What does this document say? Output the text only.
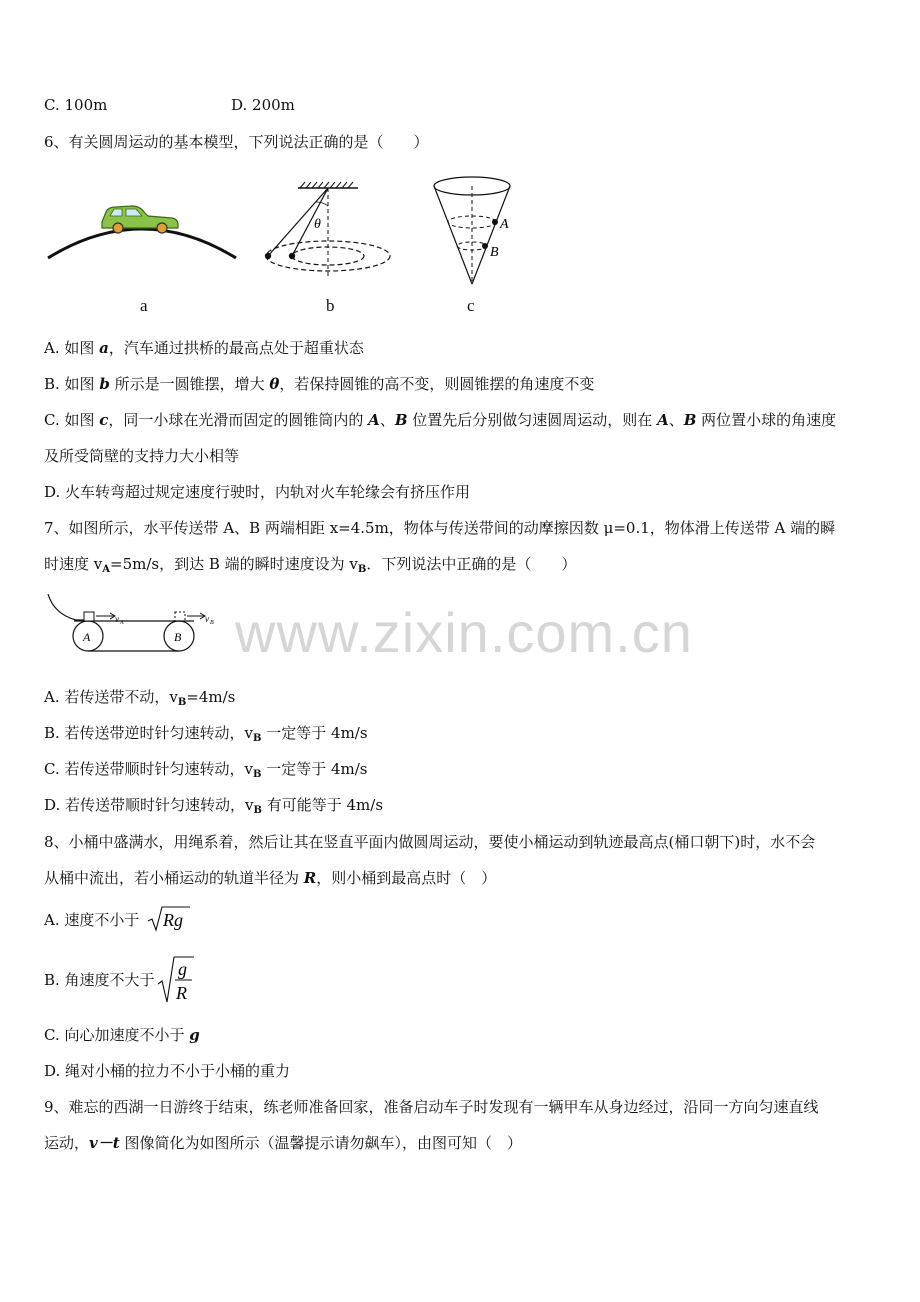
C. 100m	D. 200m
6、有关圆周运动的基本模型，下列说法正确的是（　　）
a
θ
b
A
B
c
A. 如图 a，汽车通过拱桥的最高点处于超重状态
B. 如图 b 所示是一圆锥摆，增大 θ，若保持圆锥的高不变，则圆锥摆的角速度不变
C. 如图 c，同一小球在光滑而固定的圆锥筒内的 A、B 位置先后分别做匀速圆周运动，则在 A、B 两位置小球的角速度
及所受筒壁的支持力大小相等
D. 火车转弯超过规定速度行驶时，内轨对火车轮缘会有挤压作用
7、如图所示，水平传送带 A、B 两端相距 x=4.5m，物体与传送带间的动摩擦因数 μ=0.1，物体滑上传送带 A 端的瞬
时速度 $v_A=5m/s$，到达 B 端的瞬时速度设为 $v_B$．下列说法中正确的是（　　）
v A	v B
A	B www.zixin.com.cn
A. 若传送带不动，$v_B=4m/s$
B. 若传送带逆时针匀速转动，$v_B$ 一定等于 4m/s
C. 若传送带顺时针匀速转动，$v_B$ 一定等于 4m/s
D. 若传送带顺时针匀速转动，$v_B$ 有可能等于 4m/s
8、小桶中盛满水，用绳系着，然后让其在竖直平面内做圆周运动，要使小桶运动到轨迹最高点(桶口朝下)时，水不会
从桶中流出，若小桶运动的轨道半径为 R，则小桶到最高点时（　）
A. 速度不小于 Rg
B. 角速度不大于
g
R
C. 向心加速度不小于 g
D. 绳对小桶的拉力不小于小桶的重力
9、难忘的西湖一日游终于结束，练老师准备回家，准备启动车子时发现有一辆甲车从身边经过，沿同一方向匀速直线
运动，v－t 图像简化为如图所示（温馨提示请勿飙车），由图可知（　）
